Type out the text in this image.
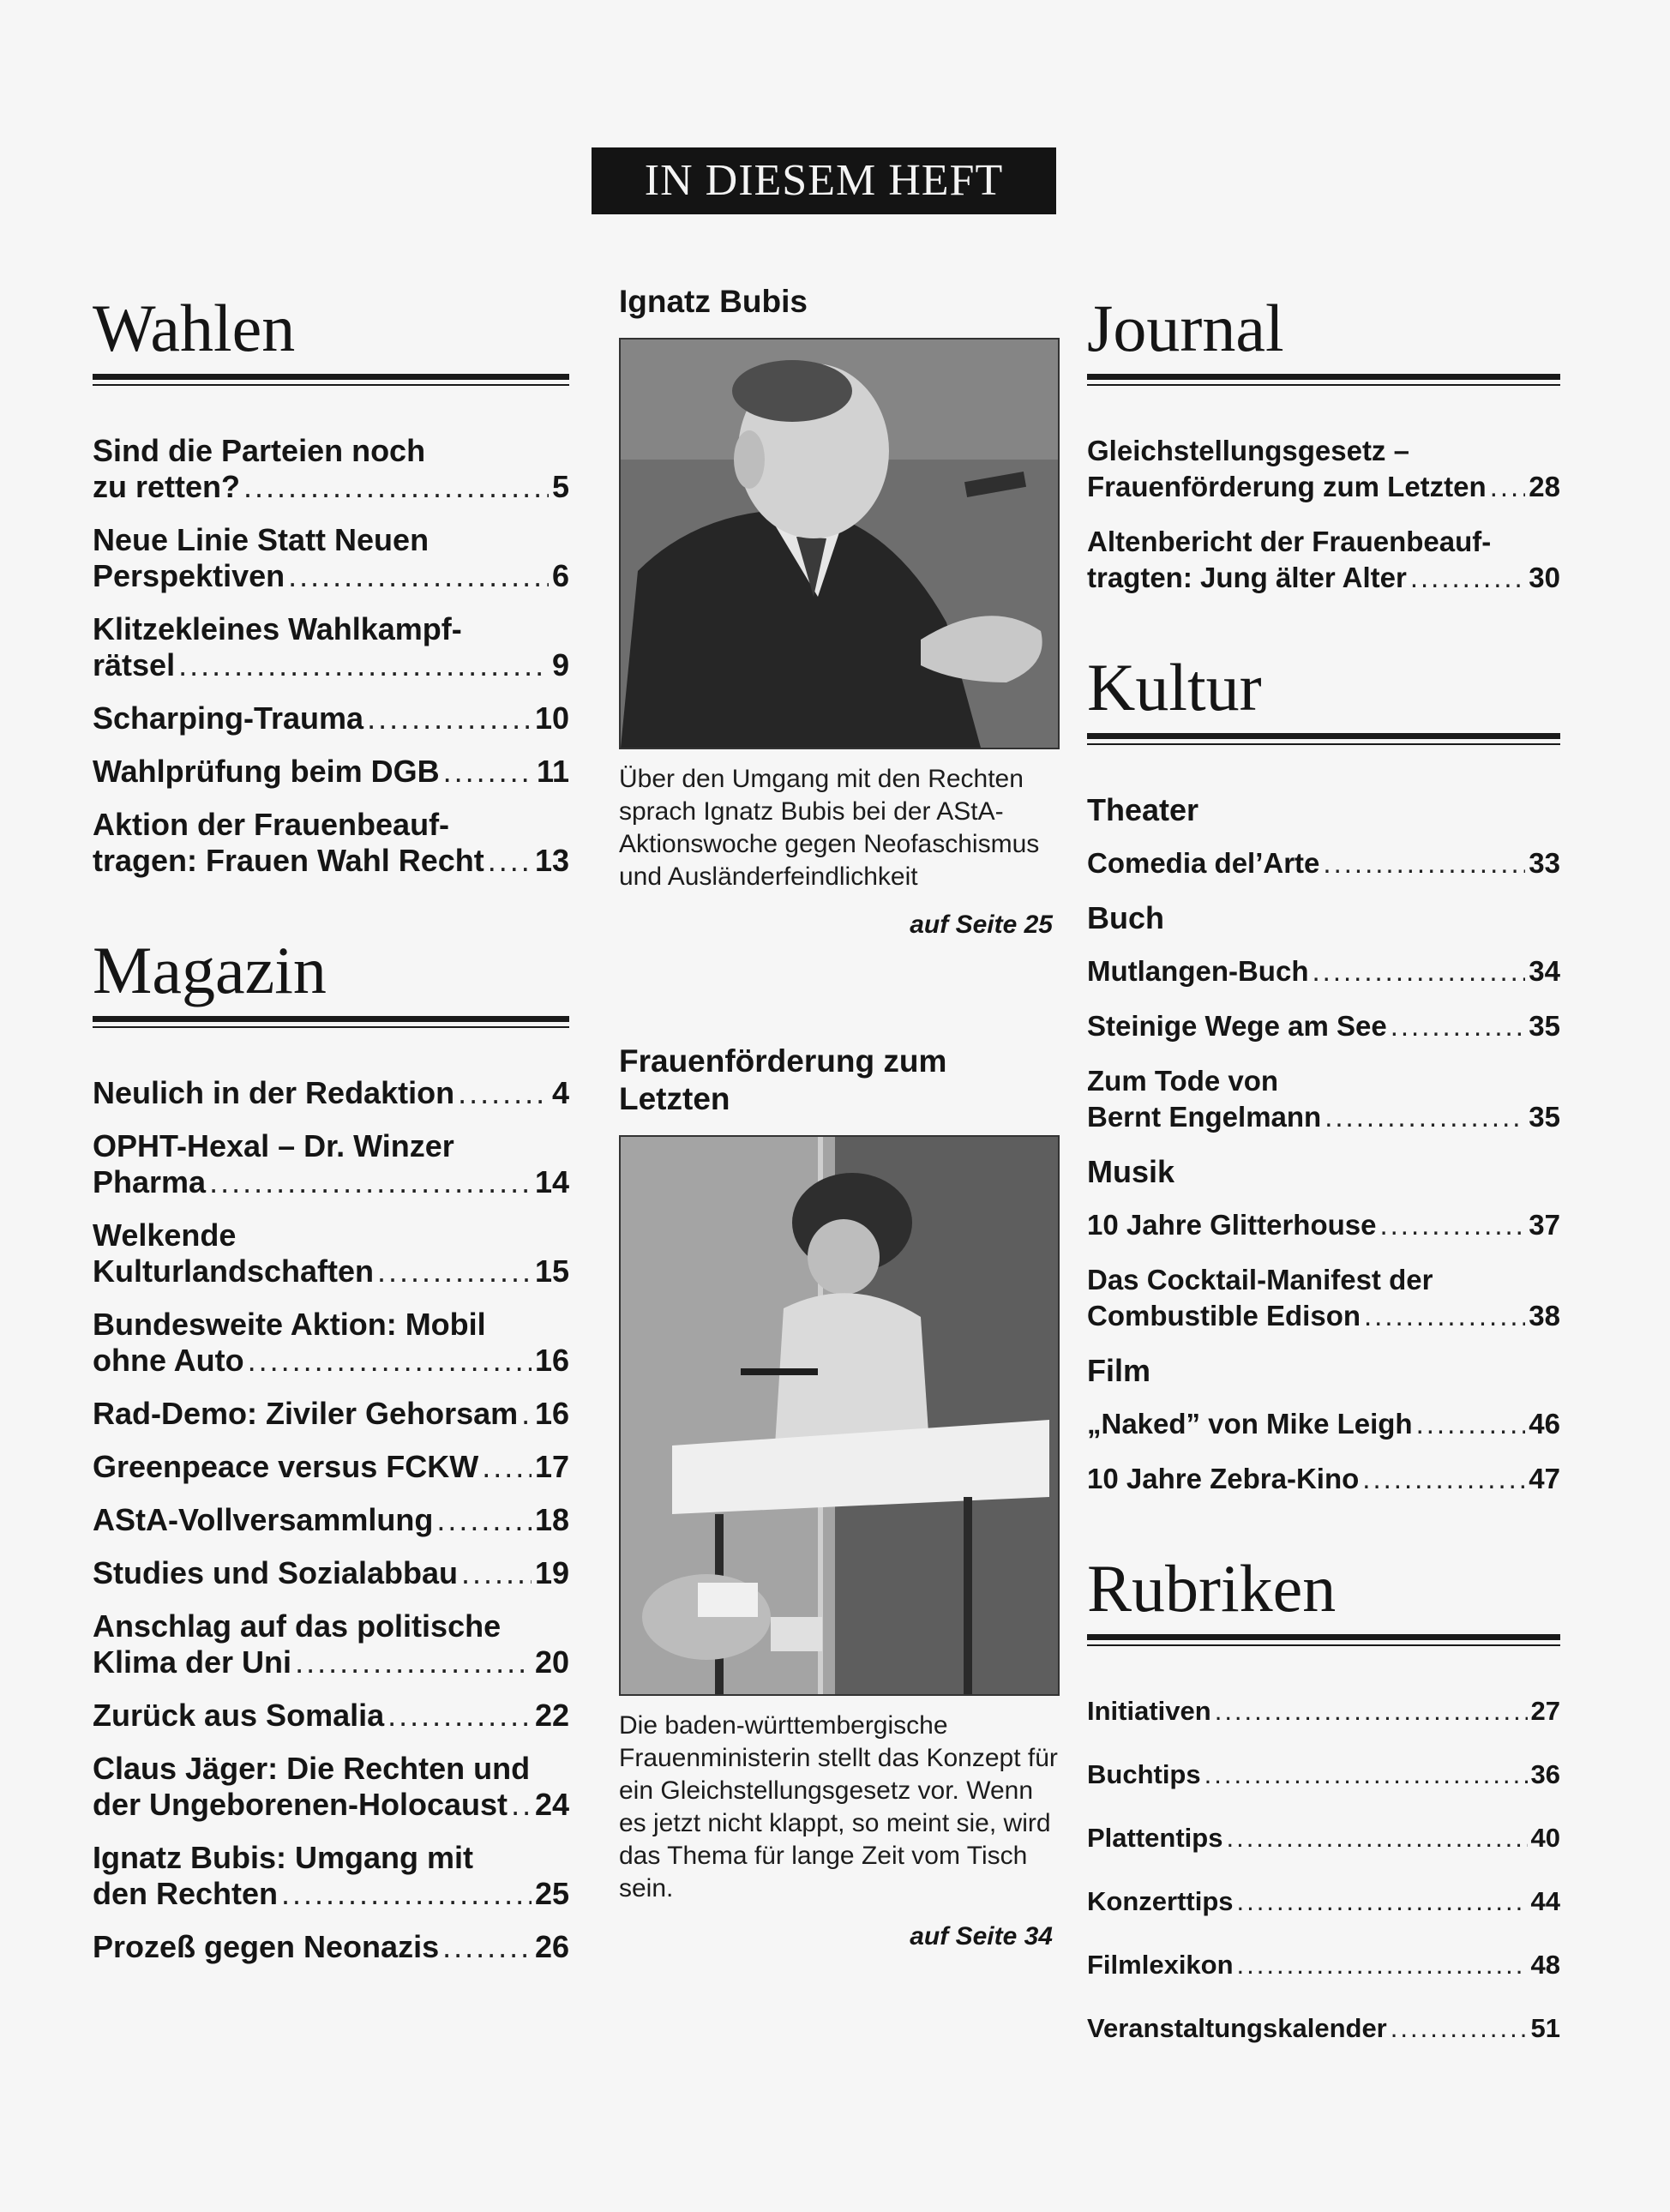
IN DIESEM HEFT
Wahlen
Sind die Parteien noch
zu retten? .....	5
Neue Linie Statt Neuen
Perspektiven .....	6
Klitzekleines Wahlkampf-
rätsel .....	9
Scharping-Trauma .....	10
Wahlprüfung beim DGB .....	11
Aktion der Frauenbeauf-
tragen: Frauen Wahl Recht ..... 13
Magazin
Neulich in der Redaktion .....	4
OPHT-Hexal – Dr. Winzer
Pharma .....	14
Welkende
Kulturlandschaften .....	15
Bundesweite Aktion: Mobil
ohne Auto .....	16
Rad-Demo: Ziviler Gehorsam ..... 16
Greenpeace versus FCKW ..... 17
AStA-Vollversammlung .....	18
Studies und Sozialabbau ..... 19
Anschlag auf das politische
Klima der Uni .....	20
Zurück aus Somalia .....	22
Claus Jäger: Die Rechten und
der Ungeborenen-Holocaust ..... 24
Ignatz Bubis: Umgang mit
den Rechten .....	25
Prozeß gegen Neonazis .....	26
Ignatz Bubis
Über den Umgang mit den Rechten sprach Ignatz Bubis bei der AStA-Aktionswoche gegen Neofaschismus und Ausländerfeindlichkeit
auf Seite 25
Frauenförderung zum Letzten
Die baden-württembergische Frauenministerin stellt das Konzept für ein Gleichstellungsgesetz vor. Wenn es jetzt nicht klappt, so meint sie, wird das Thema für lange Zeit vom Tisch sein.
auf Seite 34
Journal
Gleichstellungsgesetz –
Frauenförderung zum Letzten ..... 28
Altenbericht der Frauenbeauf-
tragten: Jung älter Alter .....	30
Kultur
Theater
Comedia del’Arte .....	33
Buch
Mutlangen-Buch .....	34
Steinige Wege am See .....	35
Zum Tode von
Bernt Engelmann .....	35
Musik
10 Jahre Glitterhouse .....	37
Das Cocktail-Manifest der
Combustible Edison .....	38
Film
„Naked” von Mike Leigh .....	46
10 Jahre Zebra-Kino .....	47
Rubriken
Initiativen .....	27
Buchtips .....	36
Plattentips .....	40
Konzerttips .....	44
Filmlexikon .....	48
Veranstaltungskalender .....	51
